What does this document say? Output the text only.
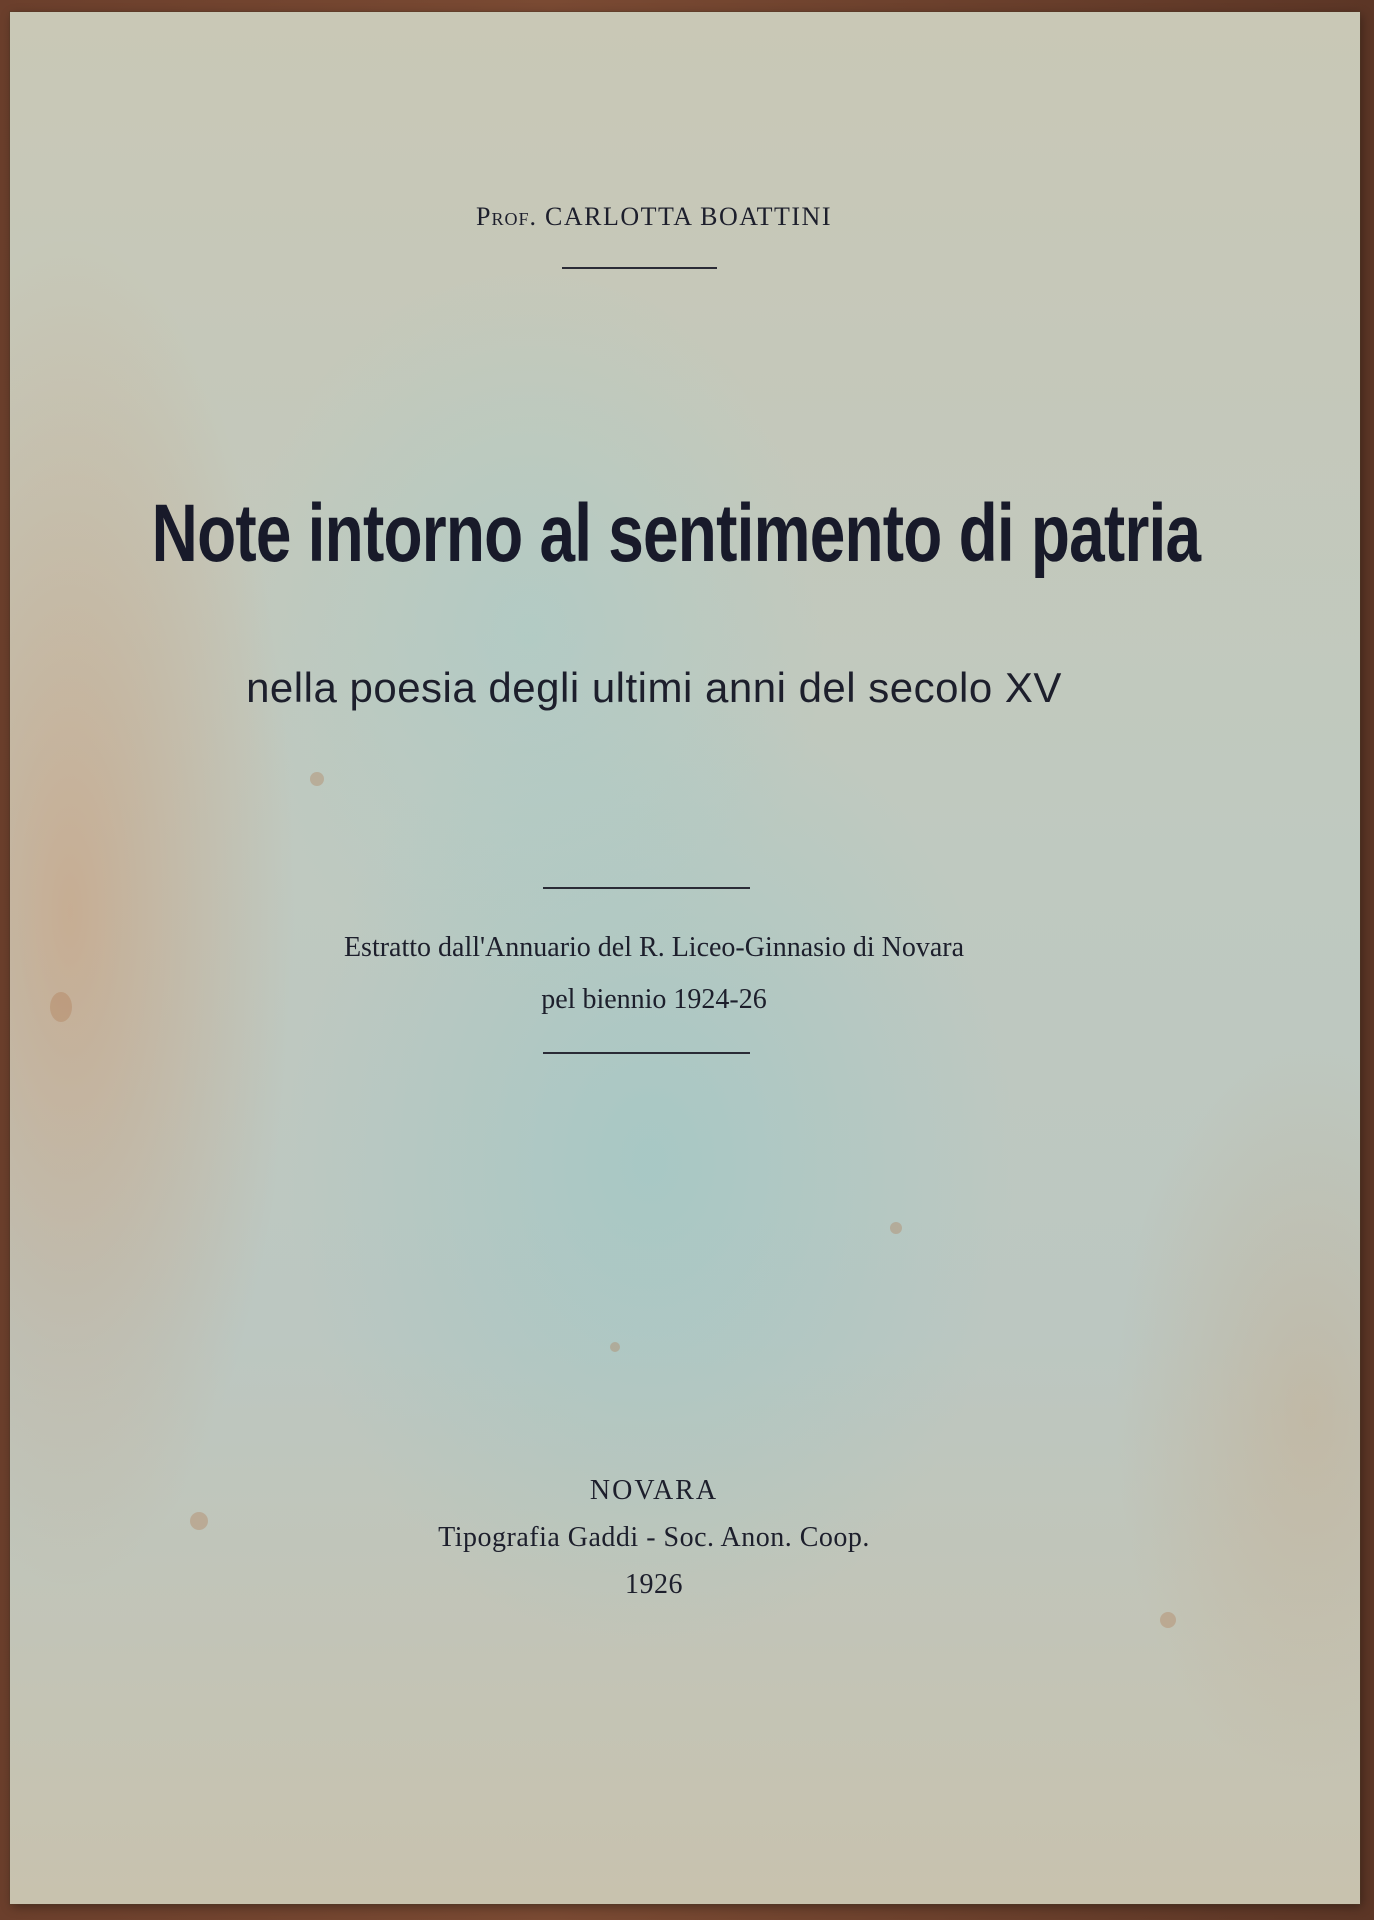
Prof. CARLOTTA BOATTINI
Note intorno al sentimento di patria
nella poesia degli ultimi anni del secolo XV
Estratto dall'Annuario del R. Liceo-Ginnasio di Novara
pel biennio 1924-26
NOVARA
Tipografia Gaddi - Soc. Anon. Coop.
1926
